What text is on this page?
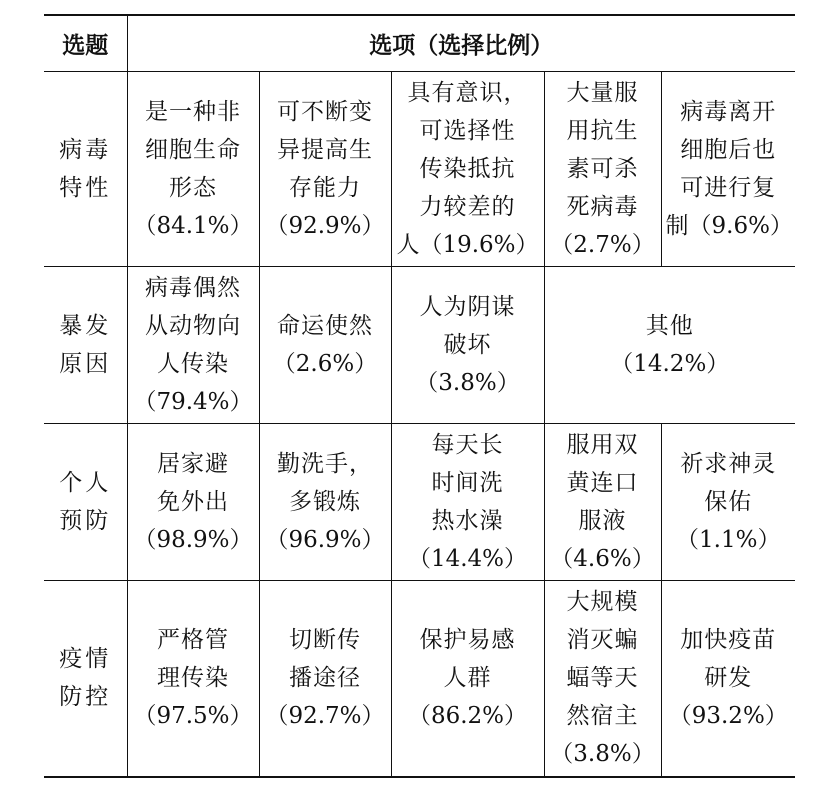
选题	选项（选择比例）				

病毒
特性	是一种非
细胞生命
形态
（84.1%）	可不断变
异提高生
存能力
（92.9%）	具有意识，
可选择性
传染抵抗
力较差的
人（19.6%）	大量服
用抗生
素可杀
死病毒
（2.7%）	病毒离开
细胞后也
可进行复
制（9.6%）

暴发
原因	病毒偶然
从动物向
人传染
（79.4%）	命运使然
（2.6%）	人为阴谋
破坏
（3.8%）	其他
（14.2%）	

个人
预防	居家避
免外出
（98.9%）	勤洗手，
多锻炼
（96.9%）	每天长
时间洗
热水澡
（14.4%）	服用双
黄连口
服液
（4.6%）	祈求神灵
保佑
（1.1%）

疫情
防控	严格管
理传染
（97.5%）	切断传
播途径
（92.7%）	保护易感
人群
（86.2%）	大规模
消灭蝙
蝠等天
然宿主
（3.8%）	加快疫苗
研发
（93.2%）
